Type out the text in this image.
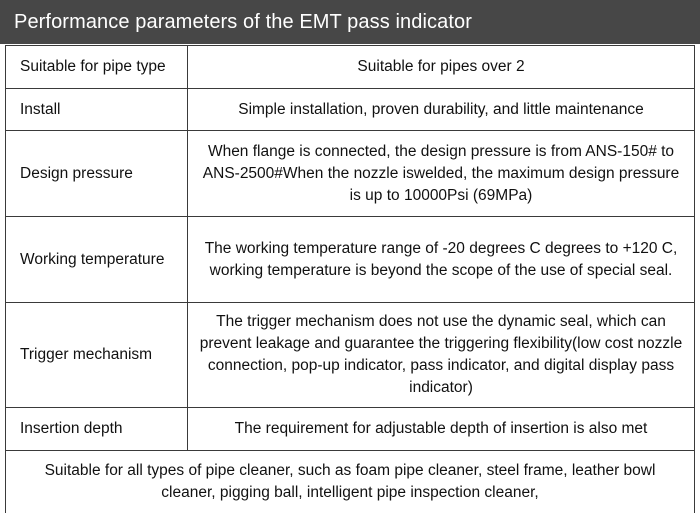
Performance parameters of the EMT pass indicator
Suitable for pipe type	Suitable for pipes over 2
Install	Simple installation, proven durability, and little maintenance
Design pressure	When flange is connected, the design pressure is from ANS-150# to ANS-2500#When the nozzle iswelded, the maximum design pressure is up to 10000Psi (69MPa)
Working temperature	The working temperature range of -20 degrees C degrees to +120 C, working temperature is beyond the scope of the use of special seal.
Trigger mechanism	The trigger mechanism does not use the dynamic seal, which can prevent leakage and guarantee the triggering flexibility(low cost nozzle connection, pop-up indicator, pass indicator, and digital display pass indicator)
Insertion depth	The requirement for adjustable depth of insertion is also met
Suitable for all types of pipe cleaner, such as foam pipe cleaner, steel frame, leather bowl cleaner, pigging ball, intelligent pipe inspection cleaner,	
